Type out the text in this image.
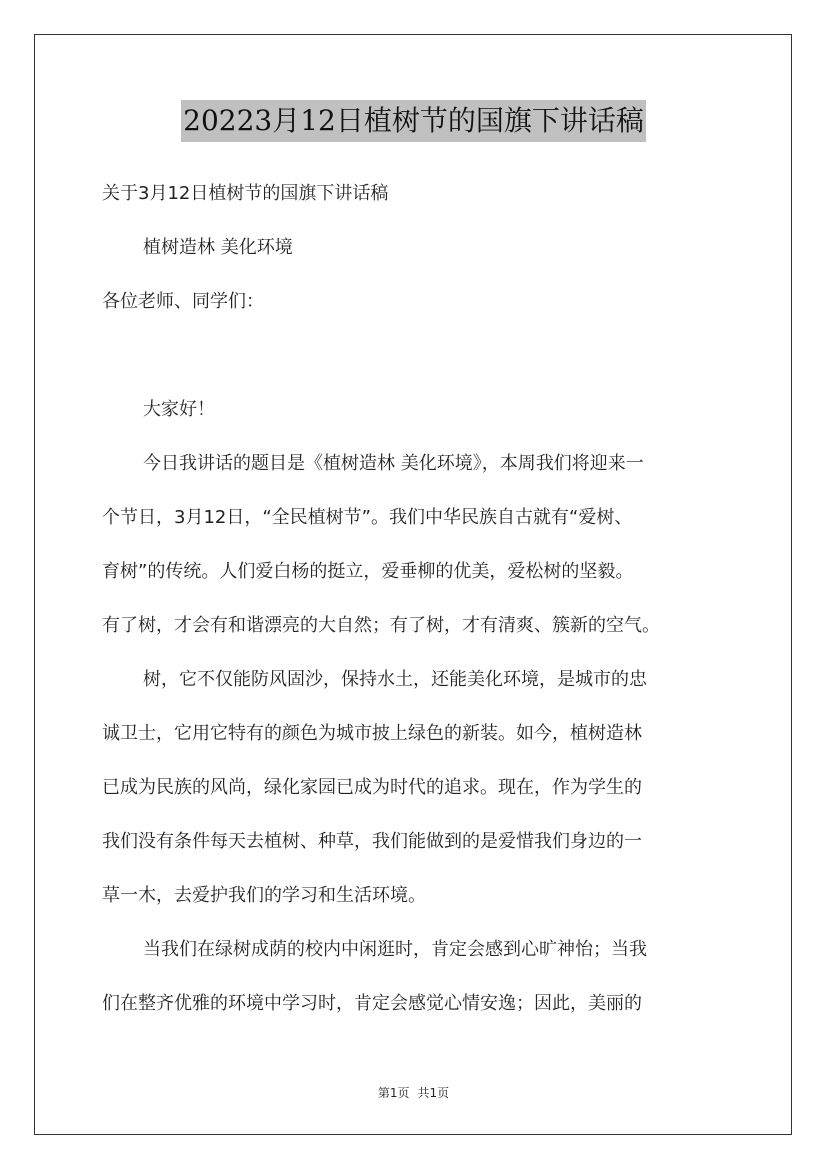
20223月12日植树节的国旗下讲话稿
关于3月12日植树节的国旗下讲话稿
植树造林 美化环境
各位老师、同学们：
大家好！
今日我讲话的题目是《植树造林 美化环境》，本周我们将迎来一
个节日，3月12日，“全民植树节”。我们中华民族自古就有“爱树、
育树”的传统。人们爱白杨的挺立，爱垂柳的优美，爱松树的坚毅。
有了树，才会有和谐漂亮的大自然；有了树，才有清爽、簇新的空气。
树，它不仅能防风固沙，保持水土，还能美化环境，是城市的忠
诚卫士，它用它特有的颜色为城市披上绿色的新装。如今，植树造林
已成为民族的风尚，绿化家园已成为时代的追求。现在，作为学生的
我们没有条件每天去植树、种草，我们能做到的是爱惜我们身边的一
草一木，去爱护我们的学习和生活环境。
当我们在绿树成荫的校内中闲逛时，肯定会感到心旷神怡；当我
们在整齐优雅的环境中学习时，肯定会感觉心情安逸；因此，美丽的
第1页 共1页
